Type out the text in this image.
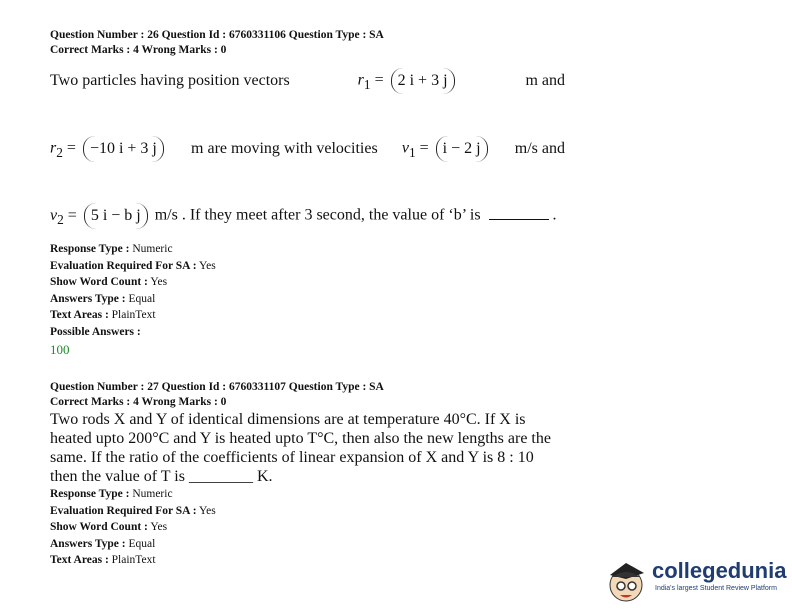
Question Number : 26 Question Id : 6760331106 Question Type : SA
Correct Marks : 4 Wrong Marks : 0
Two particles having position vectors	$r_1 = 2$ i + 3 j	m and
$r_2 = -10$ i + 3 j	m are moving with velocities $v_1 = i - 2$ j	m/s and
$v_2 = 5$ i − b j m/s . If they meet after 3 second, the value of ‘b’ is	.
Response Type : Numeric
Evaluation Required For SA : Yes
Show Word Count : Yes
Answers Type : Equal
Text Areas : PlainText
Possible Answers :
100
Question Number : 27 Question Id : 6760331107 Question Type : SA
Correct Marks : 4 Wrong Marks : 0
Two rods X and Y of identical dimensions are at temperature 40°C. If X is heated upto 200°C and Y is heated upto T°C, then also the new lengths are the same. If the ratio of the coefficients of linear expansion of X and Y is 8 : 10 then the value of T is ________ K.
Response Type : Numeric
Evaluation Required For SA : Yes
Show Word Count : Yes
Answers Type : Equal
Text Areas : PlainText	collegedunia
India's largest Student Review Platform
